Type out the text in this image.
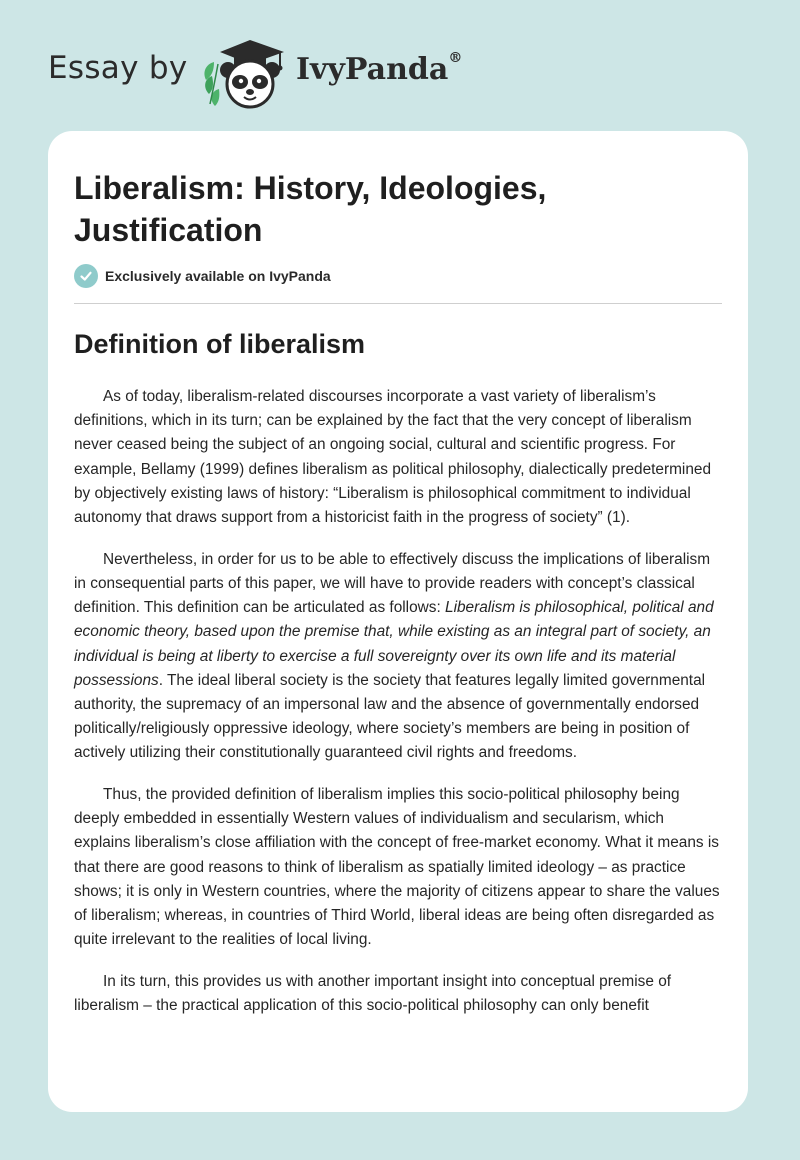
Essay by	IvyPanda®
Liberalism: History, Ideologies, Justification
Exclusively available on IvyPanda
Definition of liberalism

As of today, liberalism-related discourses incorporate a vast variety of liberalism’s definitions, which in its turn; can be explained by the fact that the very concept of liberalism never ceased being the subject of an ongoing social, cultural and scientific progress. For example, Bellamy (1999) defines liberalism as political philosophy, dialectically predetermined by objectively existing laws of history: “Liberalism is philosophical commitment to individual autonomy that draws support from a historicist faith in the progress of society” (1).

Nevertheless, in order for us to be able to effectively discuss the implications of liberalism in consequential parts of this paper, we will have to provide readers with concept’s classical definition. This definition can be articulated as follows: Liberalism is philosophical, political and economic theory, based upon the premise that, while existing as an integral part of society, an individual is being at liberty to exercise a full sovereignty over its own life and its material possessions. The ideal liberal society is the society that features legally limited governmental authority, the supremacy of an impersonal law and the absence of governmentally endorsed politically/religiously oppressive ideology, where society’s members are being in position of actively utilizing their constitutionally guaranteed civil rights and freedoms.

Thus, the provided definition of liberalism implies this socio-political philosophy being deeply embedded in essentially Western values of individualism and secularism, which explains liberalism’s close affiliation with the concept of free-market economy. What it means is that there are good reasons to think of liberalism as spatially limited ideology – as practice shows; it is only in Western countries, where the majority of citizens appear to share the values of liberalism; whereas, in countries of Third World, liberal ideas are being often disregarded as quite irrelevant to the realities of local living.

In its turn, this provides us with another important insight into conceptual premise of liberalism – the practical application of this socio-political philosophy can only benefit
